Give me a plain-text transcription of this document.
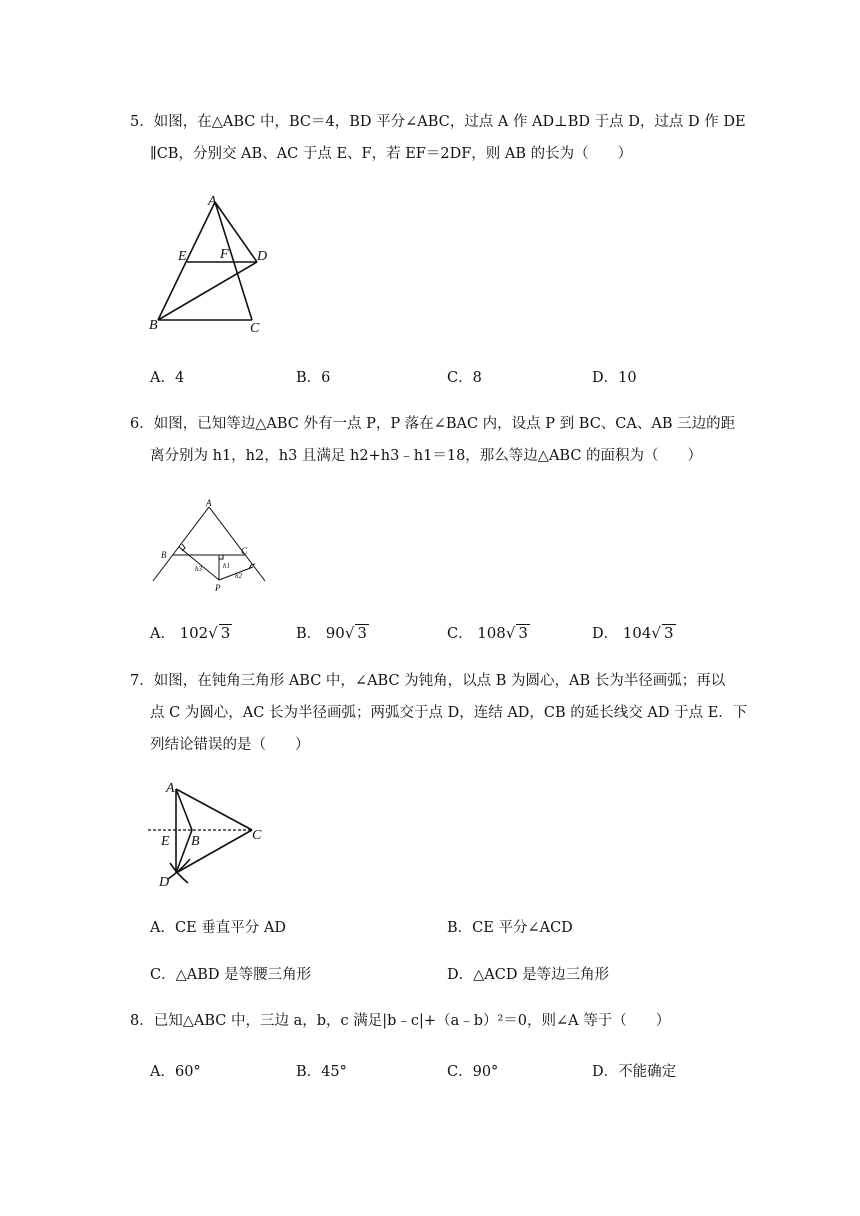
5．如图，在△ABC 中，BC＝4，BD 平分∠ABC，过点 A 作 AD⊥BD 于点 D，过点 D 作 DE
∥CB，分别交 AB、AC 于点 E、F，若 EF＝2DF，则 AB 的长为（　　）
A
E F D
B	C
A．4	B．6	C．8	D．10
6．如图，已知等边△ABC 外有一点 P，P 落在∠BAC 内，设点 P 到 BC、CA、AB 三边的距
离分别为 h1，h2，h3 且满足 h2+h3﹣h1＝18，那么等边△ABC 的面积为（　　）
A
B	C
h1
h2
h3
P
A． 102√ 3	B． 90√ 3	C． 108√ 3	D． 104√ 3
7．如图，在钝角三角形 ABC 中，∠ABC 为钝角，以点 B 为圆心，AB 长为半径画弧；再以
点 C 为圆心，AC 长为半径画弧；两弧交于点 D，连结 AD，CB 的延长线交 AD 于点 E．下
列结论错误的是（　　）
A
E B	C
D
A．CE 垂直平分 AD	B．CE 平分∠ACD
C．△ABD 是等腰三角形	D．△ACD 是等边三角形
8．已知△ABC 中，三边 a，b，c 满足|b﹣c|+（a﹣b）²＝0，则∠A 等于（　　）
A．60°	B．45°	C．90°	D．不能确定
